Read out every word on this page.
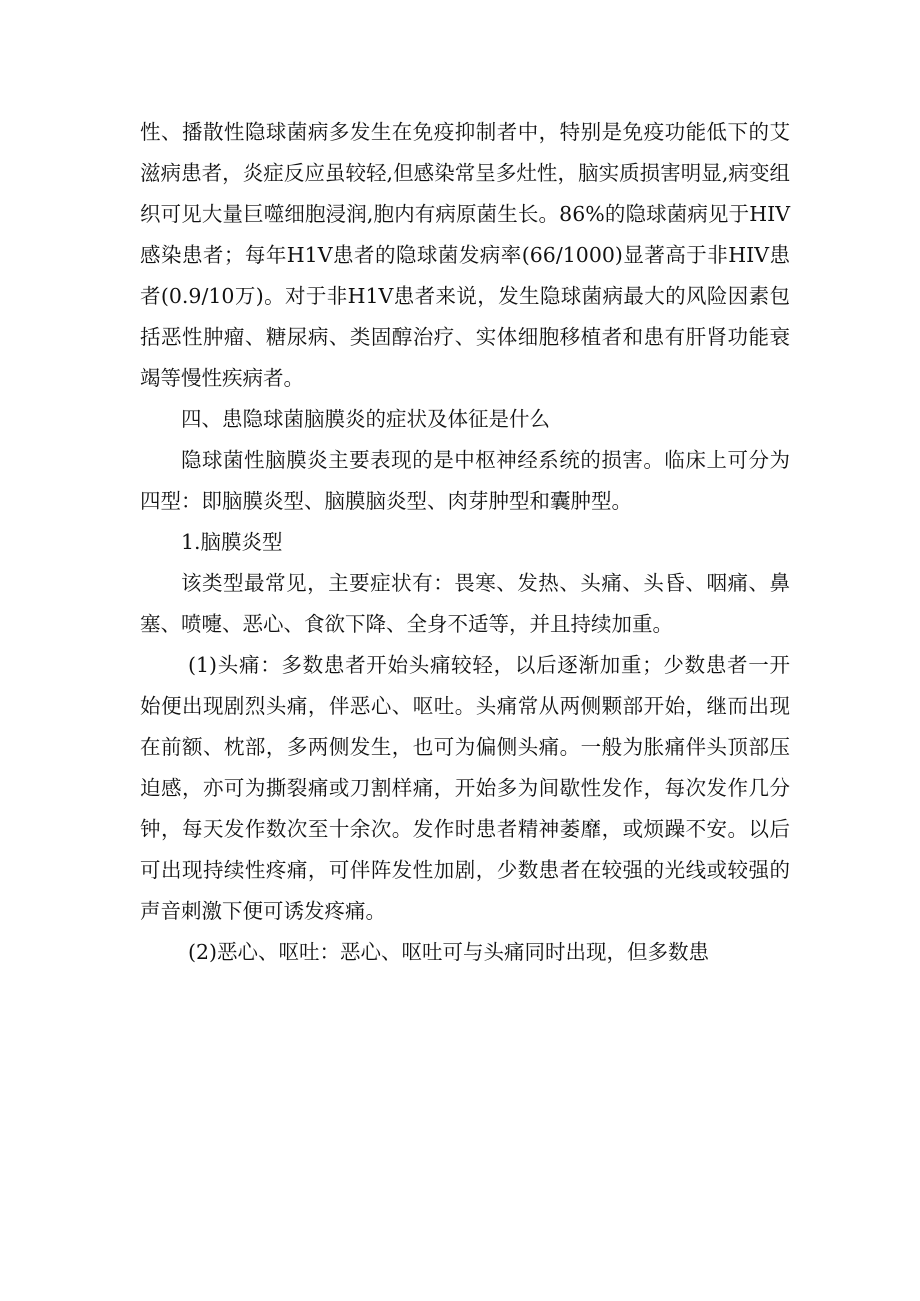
性、播散性隐球菌病多发生在免疫抑制者中，特别是免疫功能低下的艾滋病患者，炎症反应虽较轻,但感染常呈多灶性，脑实质损害明显,病变组织可见大量巨噬细胞浸润,胞内有病原菌生长。86%的隐球菌病见于HIV感染患者；每年H1V患者的隐球菌发病率(66/1000)显著高于非HIV患者(0.9/10万)。对于非H1V患者来说，发生隐球菌病最大的风险因素包括恶性肿瘤、糖尿病、类固醇治疗、实体细胞移植者和患有肝肾功能衰竭等慢性疾病者。

四、患隐球菌脑膜炎的症状及体征是什么

隐球菌性脑膜炎主要表现的是中枢神经系统的损害。临床上可分为四型：即脑膜炎型、脑膜脑炎型、肉芽肿型和囊肿型。

1.脑膜炎型

该类型最常见，主要症状有：畏寒、发热、头痛、头昏、咽痛、鼻塞、喷嚏、恶心、食欲下降、全身不适等，并且持续加重。

(1)头痛：多数患者开始头痛较轻，以后逐渐加重；少数患者一开始便出现剧烈头痛，伴恶心、呕吐。头痛常从两侧颗部开始，继而出现在前额、枕部，多两侧发生，也可为偏侧头痛。一般为胀痛伴头顶部压迫感，亦可为撕裂痛或刀割样痛，开始多为间歇性发作，每次发作几分钟，每天发作数次至十余次。发作时患者精神萎靡，或烦躁不安。以后可出现持续性疼痛，可伴阵发性加剧，少数患者在较强的光线或较强的声音刺激下便可诱发疼痛。

(2)恶心、呕吐：恶心、呕吐可与头痛同时出现，但多数患
